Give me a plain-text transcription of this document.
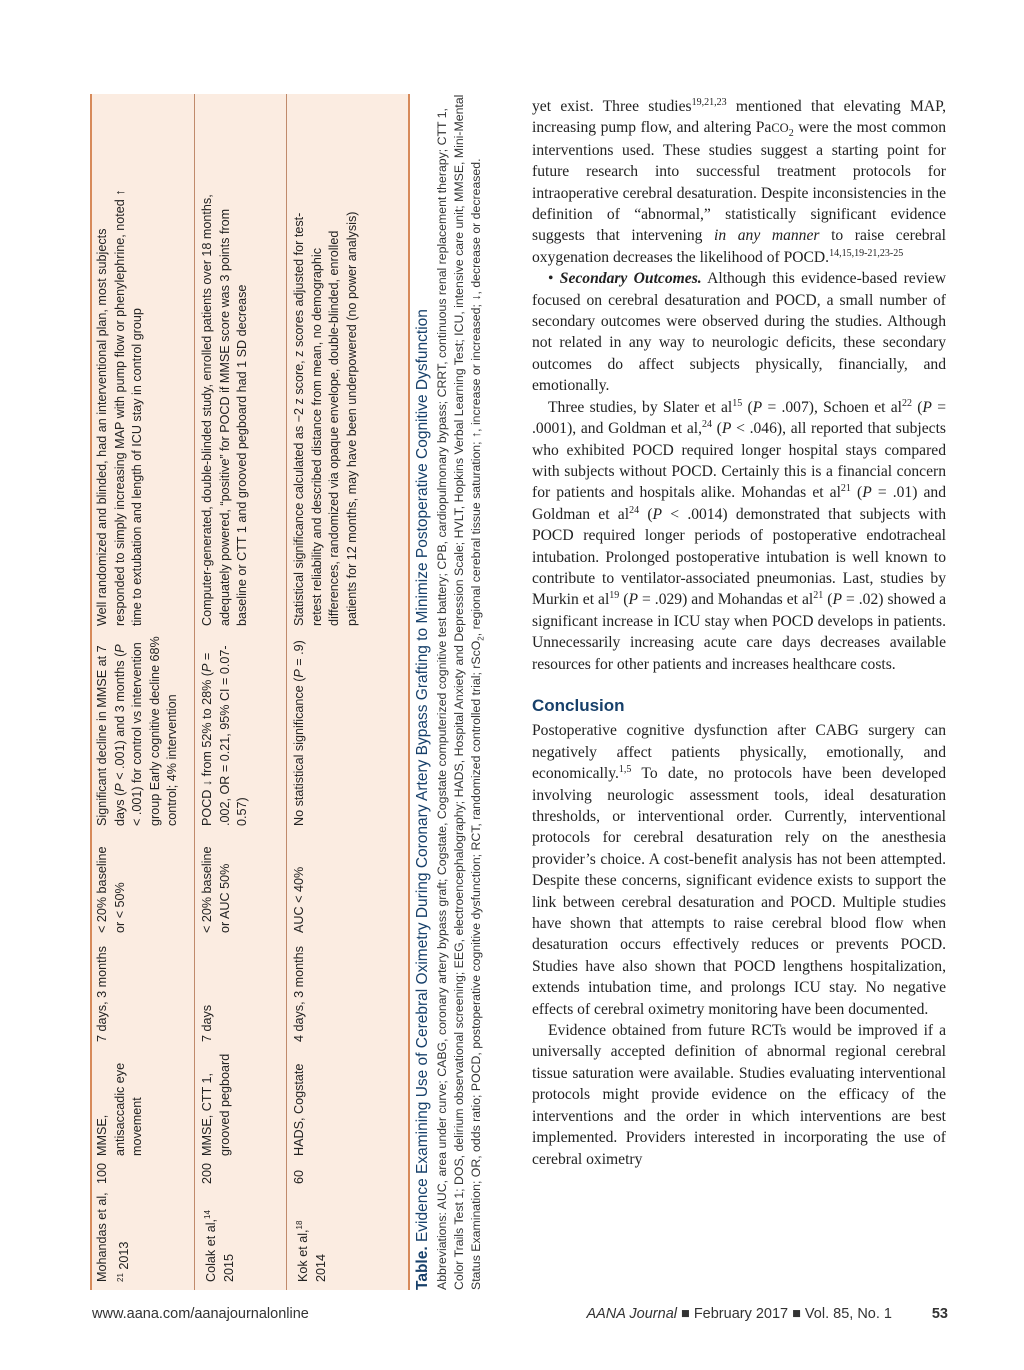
Mohandas et al, $^{21}$ 2013
100
MMSE, antisaccadic eye movement
7 days, 3 months
< 20% baseline or < 50%
Significant decline in MMSE at 7 days (P < .001) and 3 months (P < .001) for control vs intervention group Early cognitive decline 68% control; 4% intervention
Well randomized and blinded, had an interventional plan, most subjects responded to simply increasing MAP with pump flow or phenylephrine, noted ↑ time to extubation and length of ICU stay in control group
Colak et al,$^{14}$
2015
200
MMSE, CTT 1, grooved pegboard
7 days
< 20% baseline or AUC 50%
POCD ↓ from 52% to 28% (P = .002, OR = 0.21, 95% CI = 0.07-0.57)
Computer-generated, double-blinded study, enrolled patients over 18 months, adequately powered, “positive” for POCD if MMSE score was 3 points from baseline or CTT 1 and grooved pegboard had 1 SD decrease
Kok et al,$^{18}$
2014
60
HADS, Cogstate
4 days, 3 months
AUC < 40%
No statistical significance (P = .9)
Statistical significance calculated as −2 z score, z scores adjusted for test-retest reliability and described distance from mean, no demographic differences, randomized via opaque envelope, double-blinded, enrolled patients for 12 months, may have been underpowered (no power analysis)
Table. Evidence Examining Use of Cerebral Oximetry During Coronary Artery Bypass Grafting to Minimize Postoperative Cognitive Dysfunction Abbreviations: AUC, area under curve; CABG, coronary artery bypass graft; Cogstate, Cogstate computerized cognitive test battery; CPB, cardiopulmonary bypass; CRRT, continuous renal replacement therapy; CTT 1, Color Trails Test 1; DOS, delirium observational screening; EEG, electroencephalography; HADS, Hospital Anxiety and Depression Scale; HVLT, Hopkins Verbal Learning Test; ICU, intensive care unit; MMSE, Mini-Mental Status Examination; OR, odds ratio; POCD, postoperative cognitive dysfunction; RCT, randomized controlled trial; rScO$_2$, regional cerebral tissue saturation; ↑, increase or increased; ↓, decrease or decreased.

yet exist. Three studies$^{19,21,23}$ mentioned that elevating MAP, increasing pump flow, and altering PaCO$_2$ were the most common interventions used. These studies suggest a starting point for future research into successful treatment protocols for intraoperative cerebral desaturation. Despite inconsistencies in the definition of “abnormal,” statistically significant evidence suggests that intervening in any manner to raise cerebral oxygenation decreases the likelihood of POCD.$^{14,15,19-21,23-25}$

• Secondary Outcomes. Although this evidence-based review focused on cerebral desaturation and POCD, a small number of secondary outcomes were observed during the studies. Although not related in any way to neurologic deficits, these secondary outcomes do affect subjects physically, financially, and emotionally.

Three studies, by Slater et $al^{15}$ (P = .007), Schoen et $al^{22}$ (P = .0001), and Goldman et al,$^{24}$ (P < .046), all reported that subjects who exhibited POCD required longer hospital stays compared with subjects without POCD. Certainly this is a financial concern for patients and hospitals alike. Mohandas et $al^{21}$ (P = .01) and Goldman et $al^{24}$ (P < .0014) demonstrated that subjects with POCD required longer periods of postoperative endotracheal intubation. Prolonged postoperative intubation is well known to contribute to ventilator-associated pneumonias. Last, studies by Murkin et $al^{19}$ (P = .029) and Mohandas et $al^{21}$ (P = .02) showed a significant increase in ICU stay when POCD develops in patients. Unnecessarily increasing acute care days decreases available resources for other patients and increases healthcare costs.

Conclusion

Postoperative cognitive dysfunction after CABG surgery can negatively affect patients physically, emotionally, and economically.$^{1,5}$ To date, no protocols have been developed involving neurologic assessment tools, ideal desaturation thresholds, or interventional order. Currently, interventional protocols for cerebral desaturation rely on the anesthesia provider’s choice. A cost-benefit analysis has not been attempted. Despite these concerns, significant evidence exists to support the link between cerebral desaturation and POCD. Multiple studies have shown that attempts to raise cerebral blood flow when desaturation occurs effectively reduces or prevents POCD. Studies have also shown that POCD lengthens hospitalization, extends intubation time, and prolongs ICU stay. No negative effects of cerebral oximetry monitoring have been documented.

Evidence obtained from future RCTs would be improved if a universally accepted definition of abnormal regional cerebral tissue saturation were available. Studies evaluating interventional protocols might provide evidence on the efficacy of the interventions and the order in which interventions are best implemented. Providers interested in incorporating the use of cerebral oximetry

www.aana.com/aanajournalonline	AANA Journal ■ February 2017 ■ Vol. 85, No. 1	53
